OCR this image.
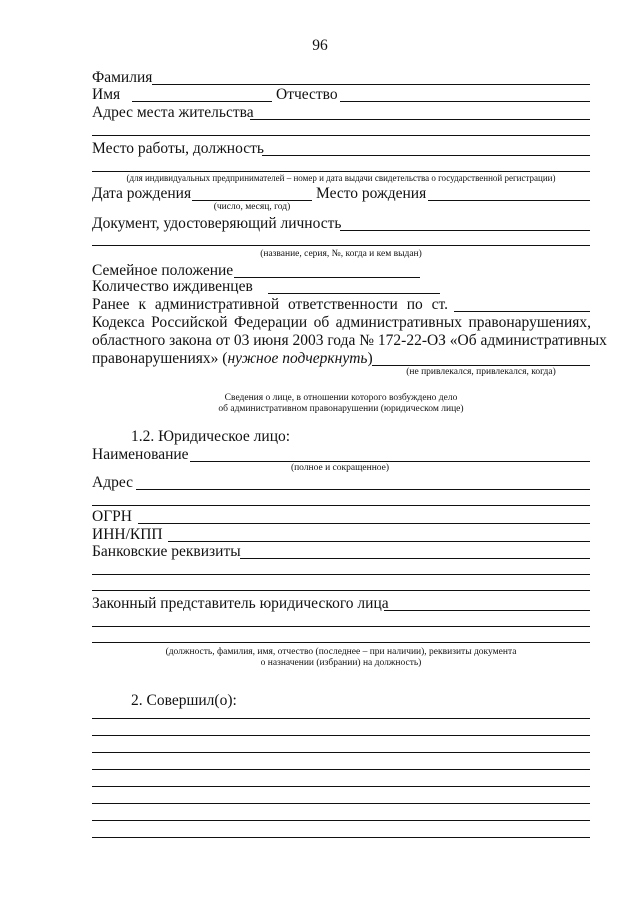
96
Фамилия
Имя	Отчество
Адрес места жительства
Место работы, должность
(для индивидуальных предпринимателей – номер и дата выдачи свидетельства о государственной регистрации)
Дата рождения	Место рождения
(число, месяц, год)
Документ, удостоверяющий личность
(название, серия, №, когда и кем выдан)
Семейное положение
Количество иждивенцев
Ранее к административной ответственности по ст.
Кодекса Российской Федерации об административных правонарушениях,
областного закона от 03 июня 2003 года № 172-22-ОЗ «Об административных
правонарушениях» (нужное подчеркнуть)
(не привлекался, привлекался, когда)
Сведения о лице, в отношении которого возбуждено дело
об административном правонарушении (юридическом лице)
1.2. Юридическое лицо:
Наименование
(полное и сокращенное)
Адрес
ОГРН
ИНН/КПП
Банковские реквизиты
Законный представитель юридического лица
(должность, фамилия, имя, отчество (последнее – при наличии), реквизиты документа
о назначении (избрании) на должность)
2. Совершил(о):
